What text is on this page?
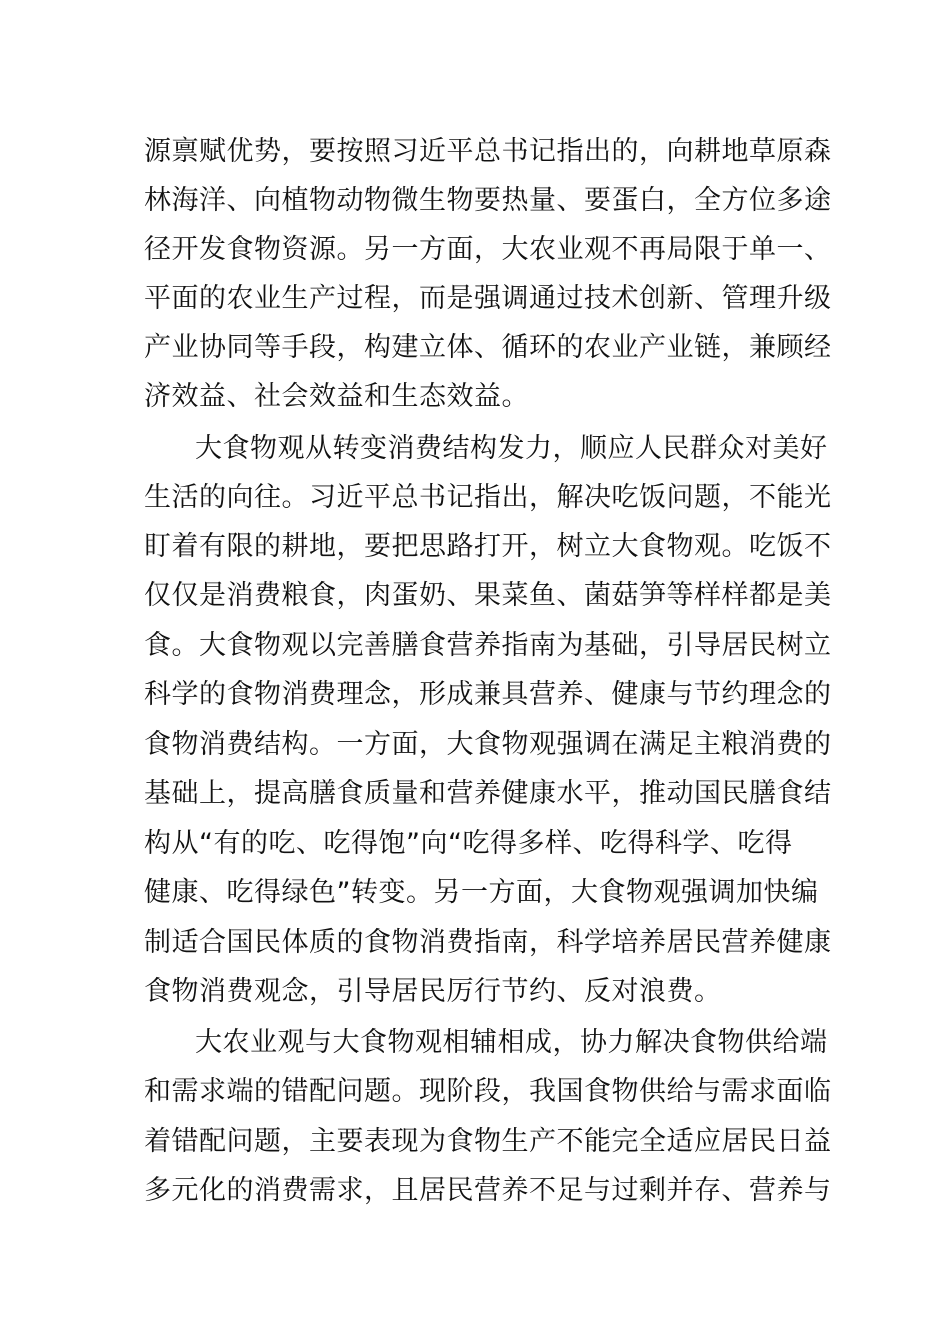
源禀赋优势，要按照习近平总书记指出的，向耕地草原森
林海洋、向植物动物微生物要热量、要蛋白，全方位多途
径开发食物资源。另一方面，大农业观不再局限于单一、
平面的农业生产过程，而是强调通过技术创新、管理升级
产业协同等手段，构建立体、循环的农业产业链，兼顾经
济效益、社会效益和生态效益。
大食物观从转变消费结构发力，顺应人民群众对美好
生活的向往。习近平总书记指出，解决吃饭问题，不能光
盯着有限的耕地，要把思路打开，树立大食物观。吃饭不
仅仅是消费粮食，肉蛋奶、果菜鱼、菌菇笋等样样都是美
食。大食物观以完善膳食营养指南为基础，引导居民树立
科学的食物消费理念，形成兼具营养、健康与节约理念的
食物消费结构。一方面，大食物观强调在满足主粮消费的
基础上，提高膳食质量和营养健康水平，推动国民膳食结
构从“有的吃、吃得饱”向“吃得多样、吃得科学、吃得
健康、吃得绿色”转变。另一方面，大食物观强调加快编
制适合国民体质的食物消费指南，科学培养居民营养健康
食物消费观念，引导居民厉行节约、反对浪费。
大农业观与大食物观相辅相成，协力解决食物供给端
和需求端的错配问题。现阶段，我国食物供给与需求面临
着错配问题，主要表现为食物生产不能完全适应居民日益
多元化的消费需求，且居民营养不足与过剩并存、营养与
